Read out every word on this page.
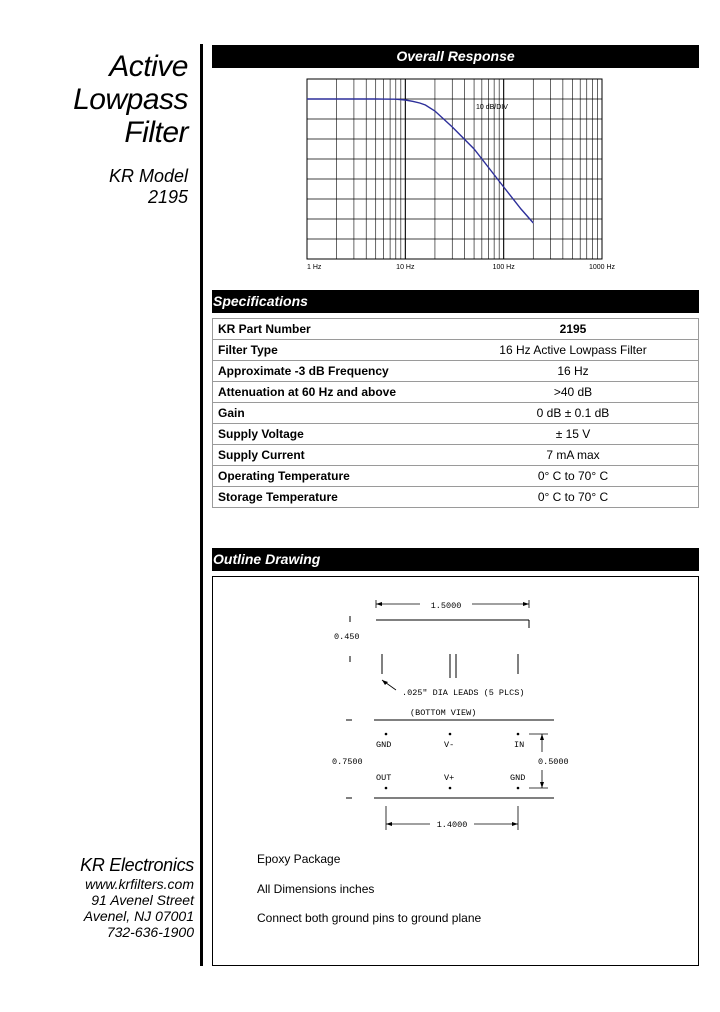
Active
Lowpass
Filter
KR Model
2195
KR Electronics
www.krfilters.com
91 Avenel Street
Avenel, NJ 07001
732-636-1900
Overall Response
10 dB/DIV
1 Hz	10 Hz	100 Hz	1000 Hz
Specifications
KR Part Number	2195
Filter Type	16 Hz Active Lowpass Filter
Approximate -3 dB Frequency	16 Hz
Attenuation at 60 Hz and above	>40 dB
Gain	0 dB ± 0.1 dB
Supply Voltage	± 15 V
Supply Current	7 mA max
Operating Temperature	0° C to 70° C
Storage Temperature	0° C to 70° C
Outline Drawing
1.5000
0.450
.025" DIA LEADS (5 PLCS)
(BOTTOM VIEW)
0.7500
GND	V-	IN
OUT	V+	GND
0.5000
1.4000
Epoxy Package
All Dimensions inches
Connect both ground pins to ground plane
